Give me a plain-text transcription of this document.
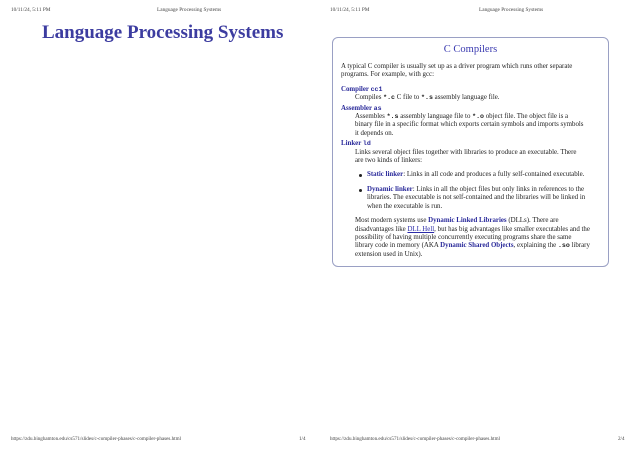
10/11/24, 5:11 PM	Language Processing Systems
Language Processing Systems
https://zdu.binghamton.edu/cs571/slides/c-compiler-phases/c-compiler-phases.html	1/4
10/11/24, 5:11 PM	Language Processing Systems
https://zdu.binghamton.edu/cs571/slides/c-compiler-phases/c-compiler-phases.html	2/4
C Compilers

A typical C compiler is usually set up as a driver program which runs other separate programs. For example, with gcc:

Compiler cc1

Compiles *.c C file to *.s assembly language file.

Assembler as

Assembles *.s assembly language file to *.o object file. The object file is a binary file in a specific format which exports certain symbols and imports symbols it depends on.

Linker ld

Links several object files together with libraries to produce an executable. There are two kinds of linkers:

Static linker: Links in all code and produces a fully self-contained executable.
Dynamic linker: Links in all the object files but only links in references to the libraries. The executable is not self-contained and the libraries will be linked in when the executable is run.

Most modern systems use Dynamic Linked Libraries (DLLs). There are disadvantages like DLL Hell, but has big advantages like smaller executables and the possibility of having multiple concurrently executing programs share the same library code in memory (AKA Dynamic Shared Objects, explaining the .so library extension used in Unix).
